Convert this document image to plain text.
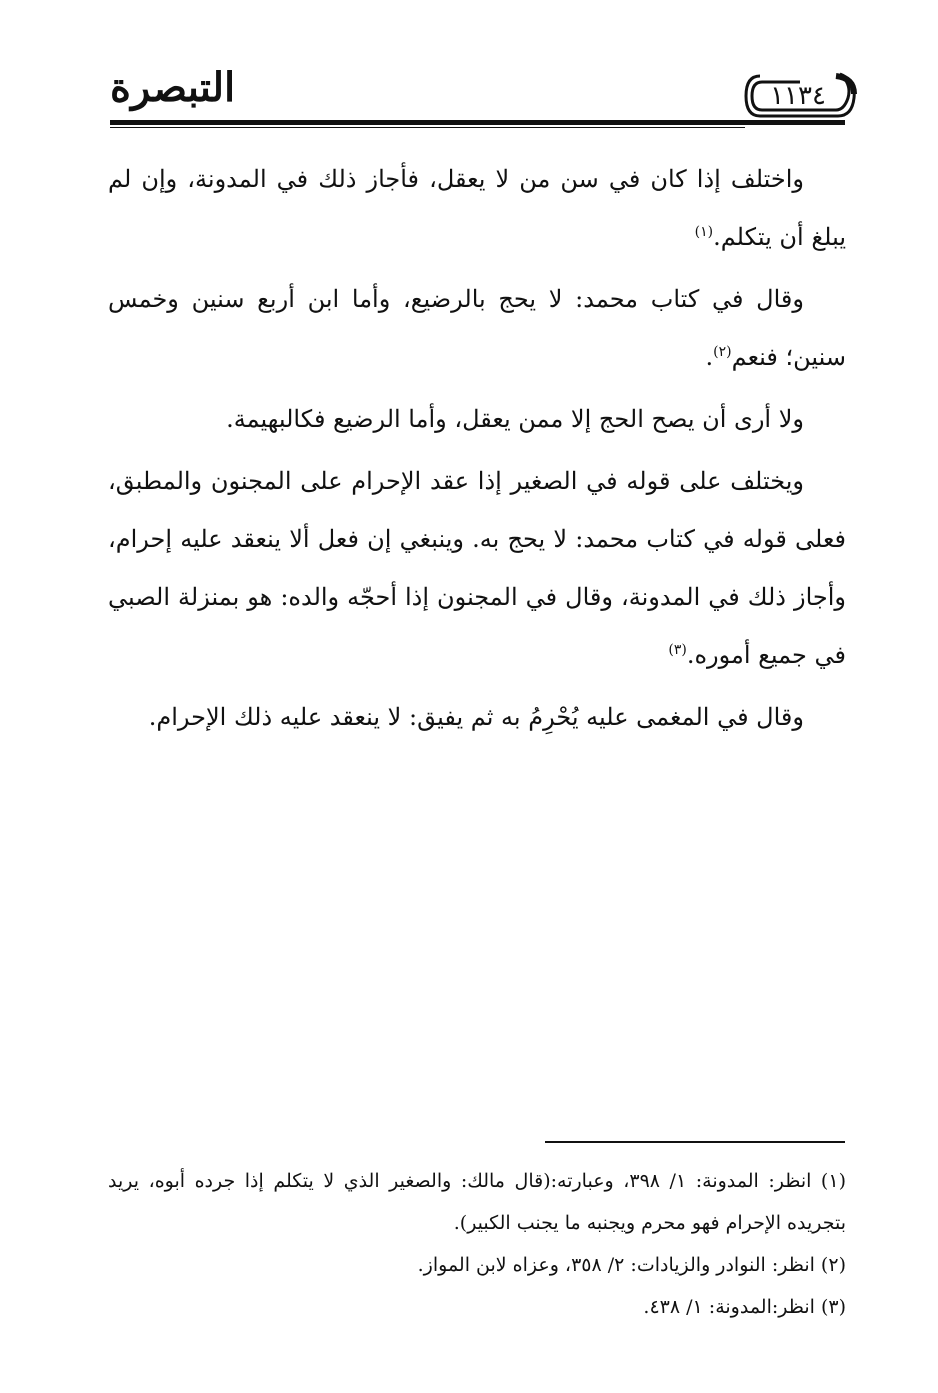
التبصرة	١١٣٤

واختلف إذا كان في سن من لا يعقل، فأجاز ذلك في المدونة، وإن لم يبلغ أن يتكلم.$^{(١)}$

وقال في كتاب محمد: لا يحج بالرضيع، وأما ابن أربع سنين وخمس سنين؛ فنعم$^{(٢)}$.

ولا أرى أن يصح الحج إلا ممن يعقل، وأما الرضيع فكالبهيمة.

ويختلف على قوله في الصغير إذا عقد الإحرام على المجنون والمطبق، فعلى قوله في كتاب محمد: لا يحج به. وينبغي إن فعل ألا ينعقد عليه إحرام، وأجاز ذلك في المدونة، وقال في المجنون إذا أحجّه والده: هو بمنزلة الصبي في جميع أموره.$^{(٣)}$

وقال في المغمى عليه يُحْرِمُ به ثم يفيق: لا ينعقد عليه ذلك الإحرام.

(١) انظر: المدونة: ١/ ٣٩٨، وعبارته:(قال مالك: والصغير الذي لا يتكلم إذا جرده أبوه، يريد بتجريده الإحرام فهو محرم ويجنبه ما يجنب الكبير).

(٢) انظر: النوادر والزيادات: ٢/ ٣٥٨، وعزاه لابن المواز.

(٣) انظر:المدونة: ١/ ٤٣٨.
